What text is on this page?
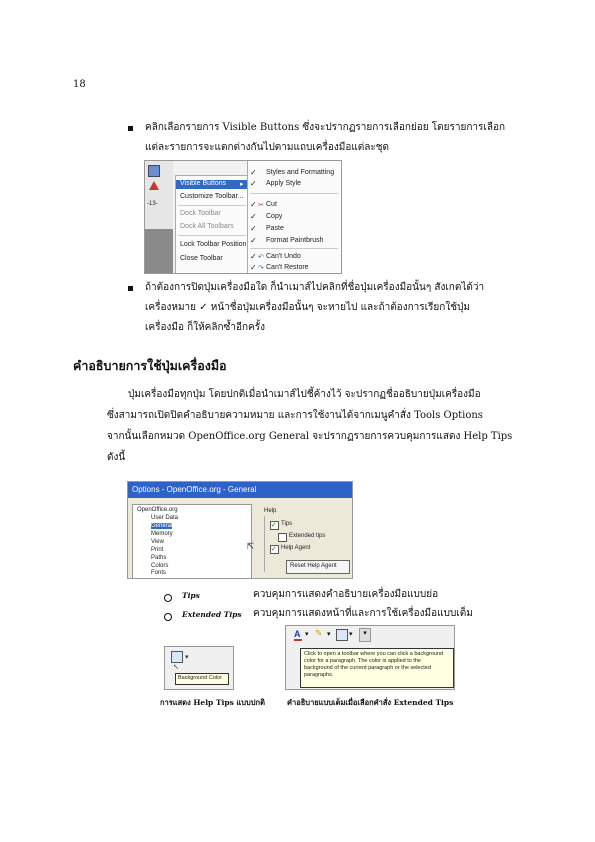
18
คลิกเลือกรายการ Visible Buttons ซึ่งจะปรากฏรายการเลือกย่อย โดยรายการเลือก
แต่ละรายการจะแตกต่างกันไปตามแถบเครื่องมือแต่ละชุด
-13-
Visible Buttons ▸
Customize Toolbar...
Dock Toolbar
Dock All Toolbars
Lock Toolbar Position
Close Toolbar
✓ Styles and Formatting
✓ Apply Style
✓ ✂ Cut
✓ Copy
✓ Paste
✓ Format Paintbrush
✓ ↶ Can't Undo
✓ ↷ Can't Restore
ถ้าต้องการปิดปุ่มเครื่องมือใด ก็นำเมาส์ไปคลิกที่ชื่อปุ่มเครื่องมือนั้นๆ สังเกตได้ว่า
เครื่องหมาย ✓ หน้าชื่อปุ่มเครื่องมือนั้นๆ จะหายไป และถ้าต้องการเรียกใช้ปุ่ม
เครื่องมือ ก็ให้คลิกซ้ำอีกครั้ง
คำอธิบายการใช้ปุ่มเครื่องมือ
ปุ่มเครื่องมือทุกปุ่ม โดยปกติเมื่อนำเมาส์ไปชี้ค้างไว้ จะปรากฏชื่ออธิบายปุ่มเครื่องมือ
ซึ่งสามารถเปิดปิดคำอธิบายความหมาย และการใช้งานได้จากเมนูคำสั่ง Tools Options
จากนั้นเลือกหมวด OpenOffice.org General จะปรากฏรายการควบคุมการแสดง Help Tips
ดังนี้
Options - OpenOffice.org - General
OpenOffice.org
User Data
General
Memory
View
Print
Paths
Colors
Fonts
⇱
Help
✓ Tips
Extended tips
✓ Help Agent
Reset Help Agent
Tips	ควบคุมการแสดงคำอธิบายเครื่องมือแบบย่อ
Extended Tips ควบคุมการแสดงหน้าที่และการใช้เครื่องมือแบบเต็ม
▾
↖
Background Color
A ▾ ✎ ▾	▾	▾
Click to open a toolbar where you can click a background color for a paragraph. The color is applied to the background of the current paragraph or the selected paragraphs.
การแสดง Help Tips แบบปกติ	คำอธิบายแบบเต็มเมื่อเลือกคำสั่ง Extended Tips
